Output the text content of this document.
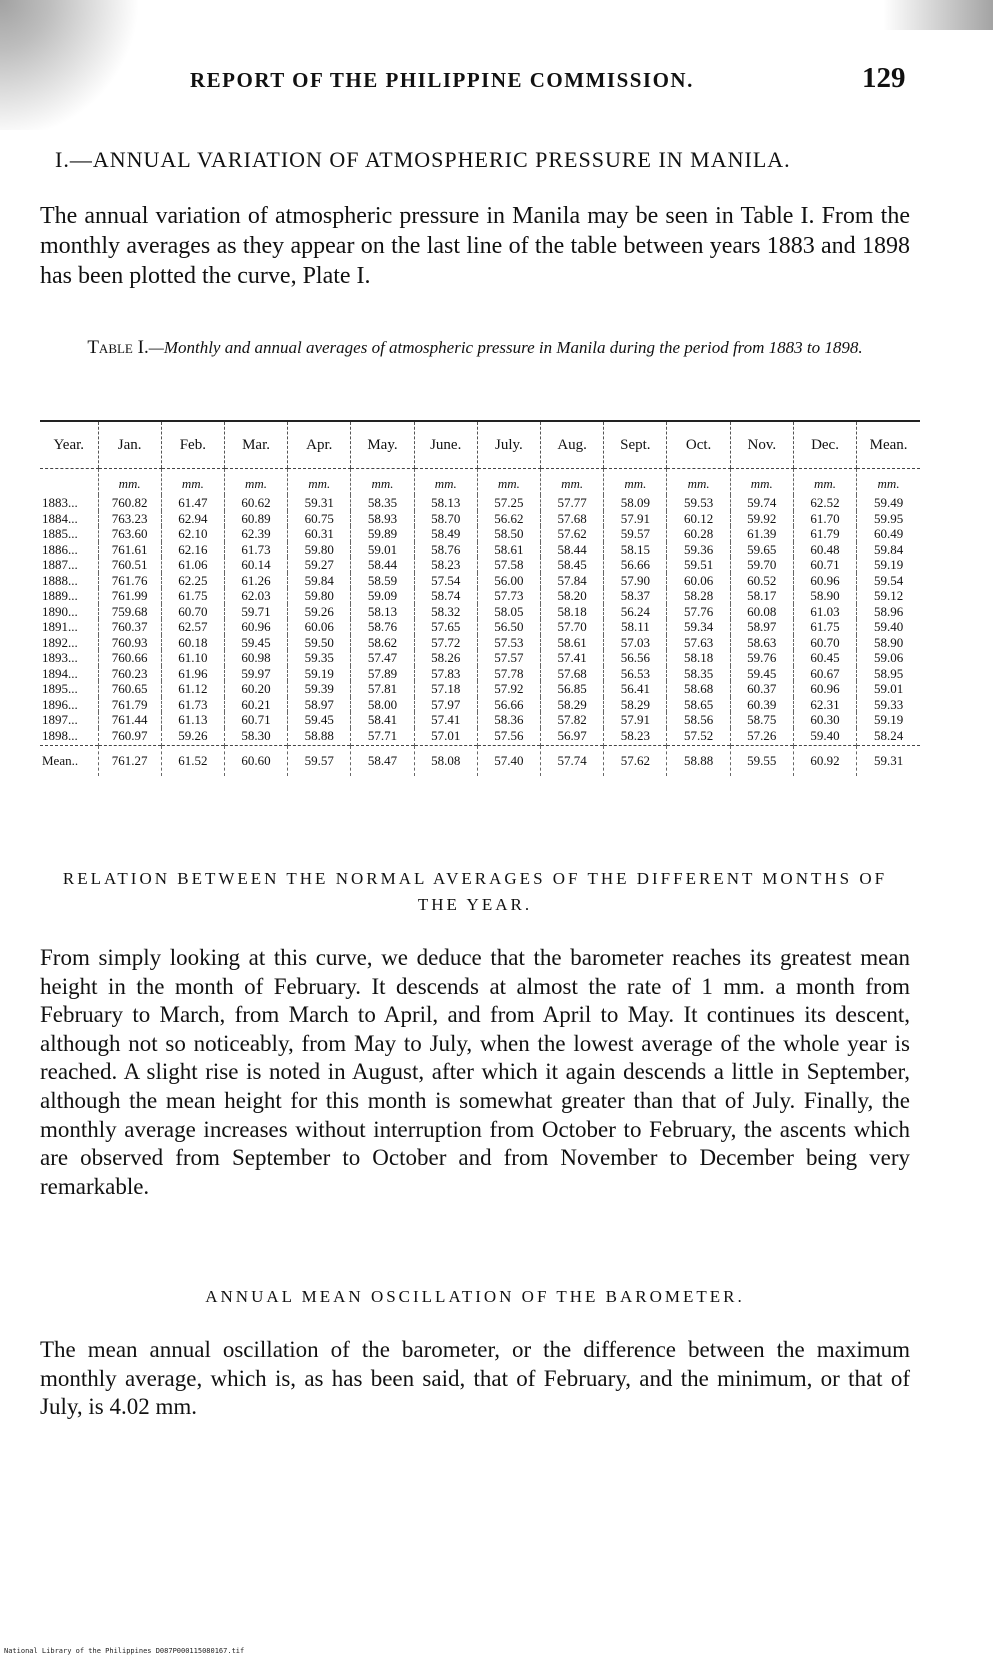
REPORT OF THE PHILIPPINE COMMISSION.	129
I.—ANNUAL VARIATION OF ATMOSPHERIC PRESSURE IN MANILA.
The annual variation of atmospheric pressure in Manila may be seen in Table I. From the monthly averages as they appear on the last line of the table between years 1883 and 1898 has been plotted the curve, Plate I.
Table I.—Monthly and annual averages of atmospheric pressure in Manila during the period from 1883 to 1898.
Year.	Jan.	Feb.	Mar.	Apr.	May.	June.	July.	Aug.	Sept.	Oct.	Nov.	Dec.	Mean.
	mm.	mm.	mm.	mm.	mm.	mm.	mm.	mm.	mm.	mm.	mm.	mm.	mm.
1883...	760.82	61.47	60.62	59.31	58.35	58.13	57.25	57.77	58.09	59.53	59.74	62.52	59.49
1884...	763.23	62.94	60.89	60.75	58.93	58.70	56.62	57.68	57.91	60.12	59.92	61.70	59.95
1885...	763.60	62.10	62.39	60.31	59.89	58.49	58.50	57.62	59.57	60.28	61.39	61.79	60.49
1886...	761.61	62.16	61.73	59.80	59.01	58.76	58.61	58.44	58.15	59.36	59.65	60.48	59.84
1887...	760.51	61.06	60.14	59.27	58.44	58.23	57.58	58.45	56.66	59.51	59.70	60.71	59.19
1888...	761.76	62.25	61.26	59.84	58.59	57.54	56.00	57.84	57.90	60.06	60.52	60.96	59.54
1889...	761.99	61.75	62.03	59.80	59.09	58.74	57.73	58.20	58.37	58.28	58.17	58.90	59.12
1890...	759.68	60.70	59.71	59.26	58.13	58.32	58.05	58.18	56.24	57.76	60.08	61.03	58.96
1891...	760.37	62.57	60.96	60.06	58.76	57.65	56.50	57.70	58.11	59.34	58.97	61.75	59.40
1892...	760.93	60.18	59.45	59.50	58.62	57.72	57.53	58.61	57.03	57.63	58.63	60.70	58.90
1893...	760.66	61.10	60.98	59.35	57.47	58.26	57.57	57.41	56.56	58.18	59.76	60.45	59.06
1894...	760.23	61.96	59.97	59.19	57.89	57.83	57.78	57.68	56.53	58.35	59.45	60.67	58.95
1895...	760.65	61.12	60.20	59.39	57.81	57.18	57.92	56.85	56.41	58.68	60.37	60.96	59.01
1896...	761.79	61.73	60.21	58.97	58.00	57.97	56.66	58.29	58.29	58.65	60.39	62.31	59.33
1897...	761.44	61.13	60.71	59.45	58.41	57.41	58.36	57.82	57.91	58.56	58.75	60.30	59.19
1898...	760.97	59.26	58.30	58.88	57.71	57.01	57.56	56.97	58.23	57.52	57.26	59.40	58.24
Mean..	761.27	61.52	60.60	59.57	58.47	58.08	57.40	57.74	57.62	58.88	59.55	60.92	59.31
RELATION BETWEEN THE NORMAL AVERAGES OF THE DIFFERENT MONTHS OF THE YEAR.
From simply looking at this curve, we deduce that the barometer reaches its greatest mean height in the month of February. It descends at almost the rate of 1 mm. a month from February to March, from March to April, and from April to May. It continues its descent, although not so noticeably, from May to July, when the lowest average of the whole year is reached. A slight rise is noted in August, after which it again descends a little in September, although the mean height for this month is somewhat greater than that of July. Finally, the monthly average increases without interruption from October to February, the ascents which are observed from September to October and from November to December being very remarkable.
ANNUAL MEAN OSCILLATION OF THE BAROMETER.
The mean annual oscillation of the barometer, or the difference between the maximum monthly average, which is, as has been said, that of February, and the minimum, or that of July, is 4.02 mm.
National Library of the Philippines D087P000115080167.tif
